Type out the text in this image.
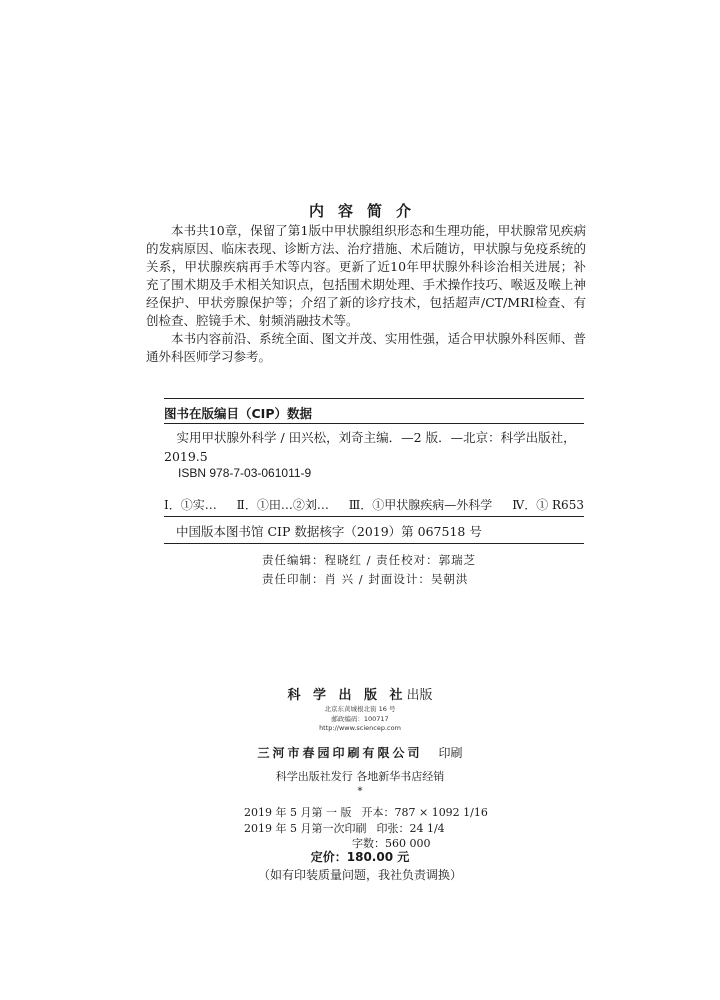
内容简介

本书共10章，保留了第1版中甲状腺组织形态和生理功能，甲状腺常见疾病的发病原因、临床表现、诊断方法、治疗措施、术后随访，甲状腺与免疫系统的关系，甲状腺疾病再手术等内容。更新了近10年甲状腺外科诊治相关进展；补充了围术期及手术相关知识点，包括围术期处理、手术操作技巧、喉返及喉上神经保护、甲状旁腺保护等；介绍了新的诊疗技术，包括超声/CT/MRI检查、有创检查、腔镜手术、射频消融技术等。

本书内容前沿、系统全面、图文并茂、实用性强，适合甲状腺外科医师、普通外科医师学习参考。

图书在版编目（CIP）数据
实用甲状腺外科学 / 田兴松，刘奇主编．—2 版．—北京：科学出版社，2019.5
ISBN 978-7-03-061011-9
Ⅰ．①实… Ⅱ．①田…②刘… Ⅲ．①甲状腺疾病—外科学 Ⅳ．① R653
中国版本图书馆 CIP 数据核字（2019）第 067518 号
责任编辑：程晓红 / 责任校对：郭瑞芝
责任印制：肖 兴 / 封面设计：吴朝洪
科 学 出 版 社出版
北京东黄城根北街 16 号
邮政编码：100717
http://www.sciencep.com
三河市春园印刷有限公司 印刷
科学出版社发行 各地新华书店经销
*
2019 年 5 月第 一 版 开本：787 × 1092 1/16
2019 年 5 月第一次印刷 印张：24 1/4
字数：560 000
定价：180.00 元
（如有印装质量问题，我社负责调换）
